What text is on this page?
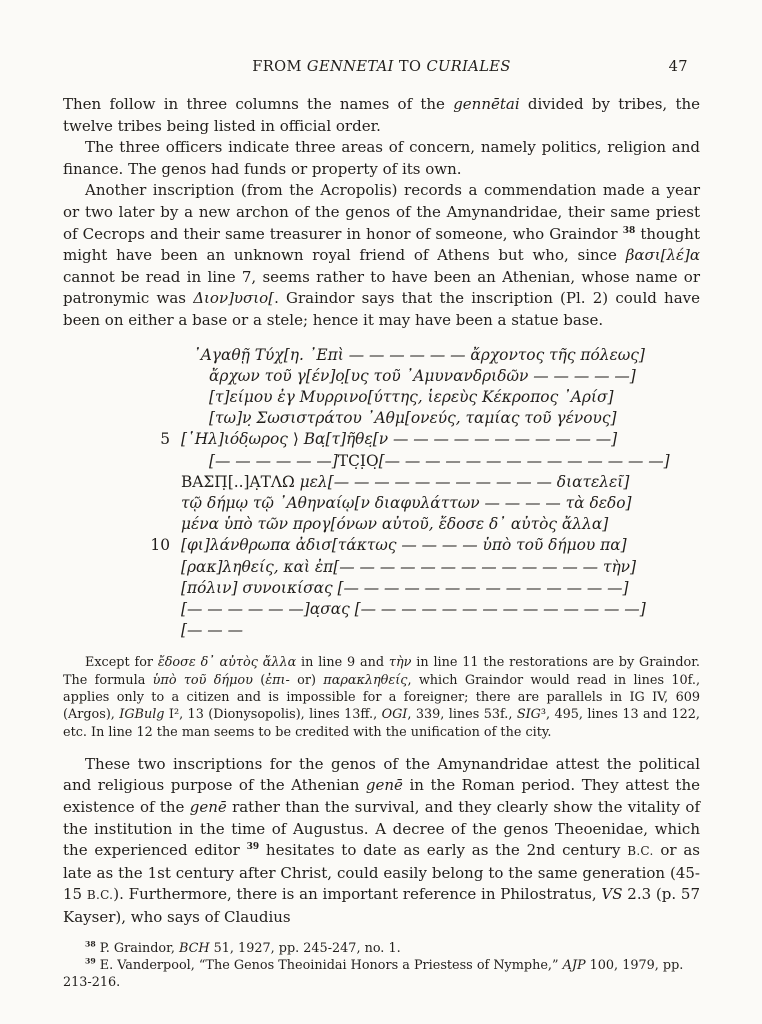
FROM GENNETAI TO CURIALES	47

Then follow in three columns the names of the gennētai divided by tribes, the twelve tribes being listed in official order.

The three officers indicate three areas of concern, namely politics, religion and finance. The genos had funds or property of its own.

Another inscription (from the Acropolis) records a commendation made a year or two later by a new archon of the genos of the Amynandridae, their same priest of Cecrops and their same treasurer in honor of someone, who Graindor $^{38}$ thought might have been an unknown royal friend of Athens but who, since βασι[λέ]α cannot be read in line 7, seems rather to have been an Athenian, whose name or patronymic was Διον]υσιο[. Graindor says that the inscription (Pl. 2) could have been on either a base or a stele; hence it may have been a statue base.

᾿Αγαθῇ Τύχ[η. ᾿Επὶ — — — — — — ἄρχοντος τῆς πόλεως]
ἄρχων τοῦ γ[έν]ο̣[υς τοῦ ᾿Αμυνανδριδῶν — — — — —]
[τ]είμου ἐγ Μυρρινο[ύττης, ἱερεὺς Κέκροπος ᾿Αρίσ]
[τω]ν̣ Σωσιστράτου ᾿Αθμ[ονεύς, ταμίας τοῦ γένους]
5 [῾Ηλ]ιόδ̣ωρος ⟩ Βα̣[τ]ῆθε̣[ν — — — — — — — — — — —]
[— — — — — —]ΤϹ̣Ι̣Ο̣[— — — — — — — — — — — — — —]
ΒΑΣΠ̣[..]Α̣ΤΛΩ μελ[— — — — — — — — — — — διατελεῖ]
τῷ δήμῳ τῷ ᾿Αθηναίῳ[ν διαφυλάττων — — — — τὰ δεδο]
μένα ὑπὸ τῶν προγ[όνων αὐτοῦ, ἔδοσε δ᾿ αὐτὸς ἄλλα]
10 [φι]λάνθρωπα ἀδισ[τάκτως — — — — ὑπὸ τοῦ δήμου πα]
[ρακ]ληθείς, καὶ ἐπ[— — — — — — — — — — — — — τὴν]
[πόλιν] συνοικίσας [— — — — — — — — — — — — — —]
[— — — — — —]α̣σας [— — — — — — — — — — — — — —]
[— — —

Except for ἔδοσε δ᾿ αὐτὸς ἄλλα in line 9 and τὴν in line 11 the restorations are by Graindor. The formula ὑπὸ τοῦ δήμου (ἐπι- or) παρακληθείς, which Graindor would read in lines 10f., applies only to a citizen and is impossible for a foreigner; there are parallels in IG IV, 609 (Argos), IGBulg I², 13 (Dionysopolis), lines 13ff., OGI, 339, lines 53f., SIG³, 495, lines 13 and 122, etc. In line 12 the man seems to be credited with the unification of the city.

These two inscriptions for the genos of the Amynandridae attest the political and religious purpose of the Athenian genē in the Roman period. They attest the existence of the genē rather than the survival, and they clearly show the vitality of the institution in the time of Augustus. A decree of the genos Theoenidae, which the experienced editor $^{39}$ hesitates to date as early as the 2nd century B.C. or as late as the 1st century after Christ, could easily belong to the same generation (45-15 B.C.). Furthermore, there is an important reference in Philostratus, VS 2.3 (p. 57 Kayser), who says of Claudius

$^{38}$ P. Graindor, BCH 51, 1927, pp. 245-247, no. 1.

$^{39}$ E. Vanderpool, “The Genos Theoinidai Honors a Priestess of Nymphe,” AJP 100, 1979, pp. 213-216.
